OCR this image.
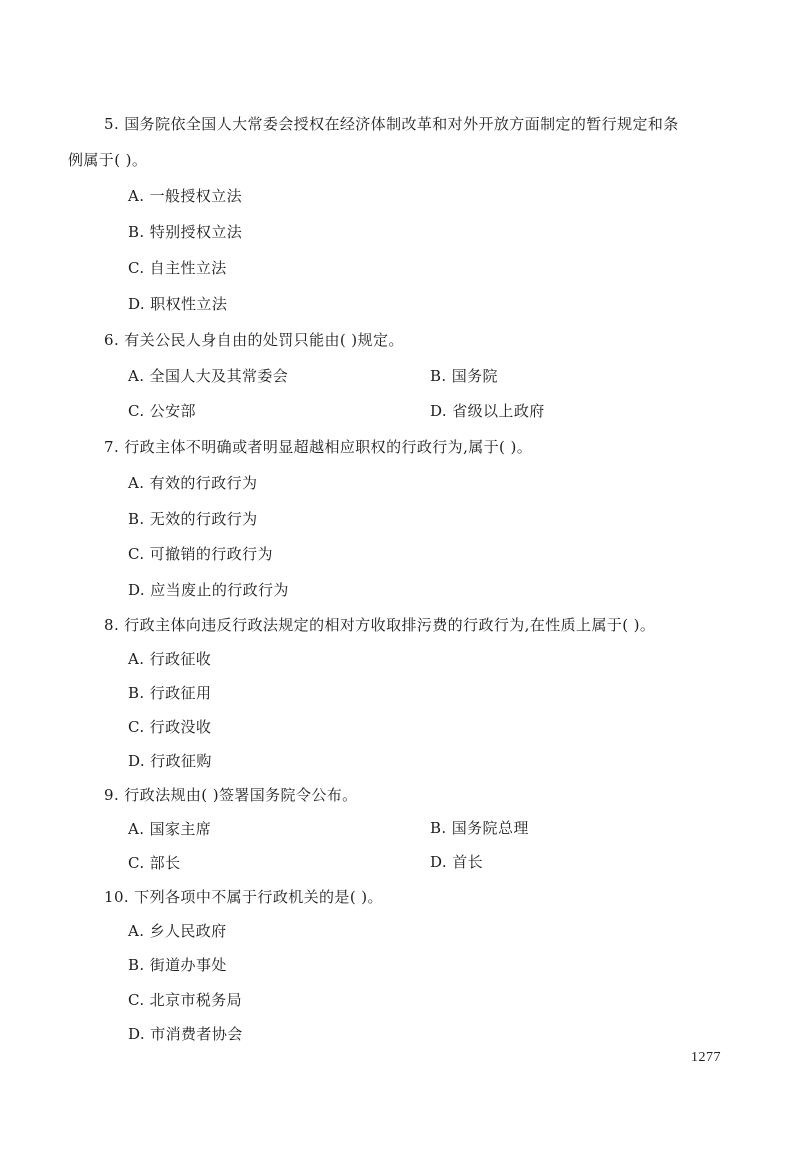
5. 国务院依全国人大常委会授权在经济体制改革和对外开放方面制定的暂行规定和条
例属于( )。
A. 一般授权立法
B. 特别授权立法
C. 自主性立法
D. 职权性立法
6. 有关公民人身自由的处罚只能由( )规定。
A. 全国人大及其常委会	B. 国务院
C. 公安部	D. 省级以上政府
7. 行政主体不明确或者明显超越相应职权的行政行为,属于( )。
A. 有效的行政行为
B. 无效的行政行为
C. 可撤销的行政行为
D. 应当废止的行政行为
8. 行政主体向违反行政法规定的相对方收取排污费的行政行为,在性质上属于( )。
A. 行政征收
B. 行政征用
C. 行政没收
D. 行政征购
9. 行政法规由( )签署国务院令公布。
A. 国家主席	B. 国务院总理
C. 部长	D. 首长
10. 下列各项中不属于行政机关的是( )。
A. 乡人民政府
B. 街道办事处
C. 北京市税务局
D. 市消费者协会
1277
